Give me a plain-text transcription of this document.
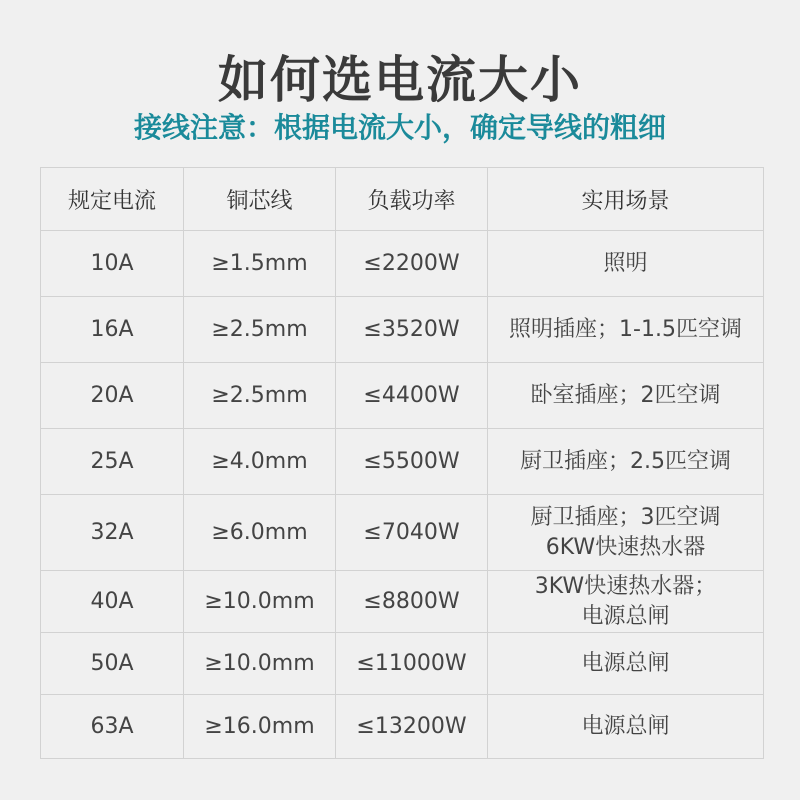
如何选电流大小
接线注意：根据电流大小，确定导线的粗细
规定电流	铜芯线	负载功率	实用场景
10A	≥1.5mm	≤2200W	照明

16A	≥2.5mm	≤3520W	照明插座；1-1.5匹空调

20A	≥2.5mm	≤4400W	卧室插座；2匹空调

25A	≥4.0mm	≤5500W	厨卫插座；2.5匹空调

32A	≥6.0mm	≤7040W	厨卫插座；3匹空调
6KW快速热水器

40A	≥10.0mm	≤8800W	3KW快速热水器；
电源总闸

50A	≥10.0mm	≤11000W	电源总闸

63A	≥16.0mm	≤13200W	电源总闸
